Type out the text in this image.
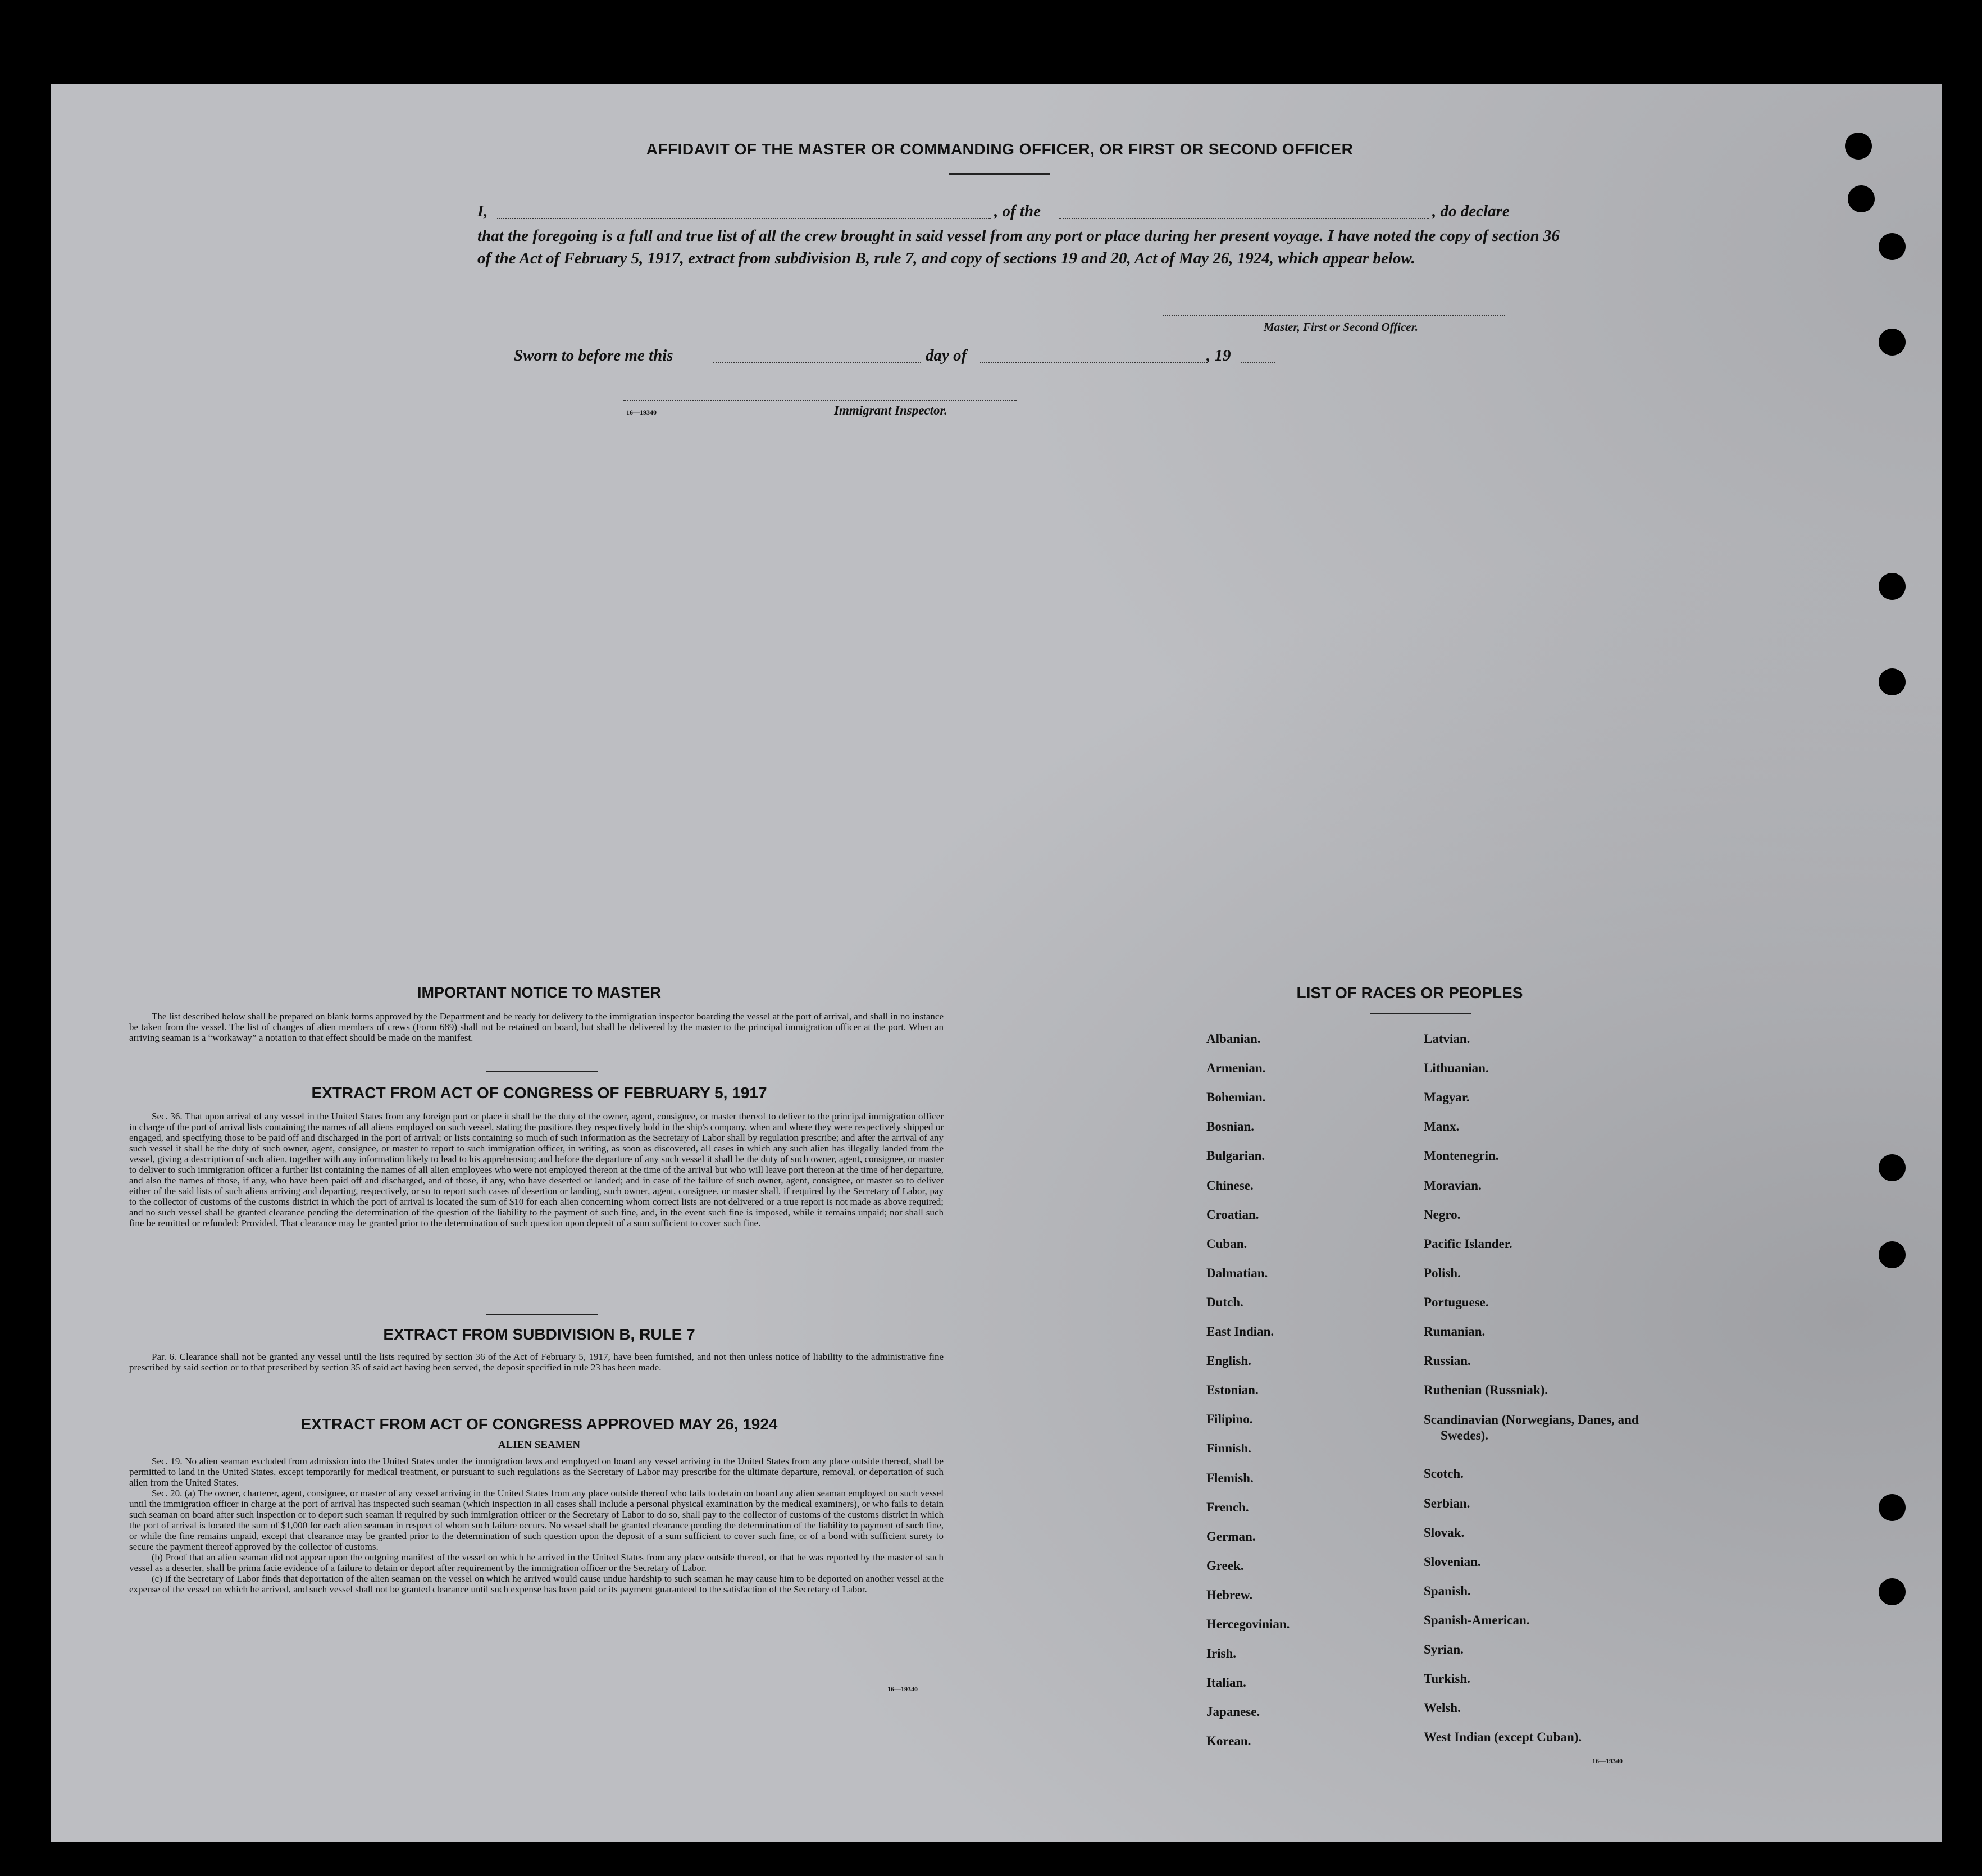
AFFIDAVIT OF THE MASTER OR COMMANDING OFFICER, OR FIRST OR SECOND OFFICER
I,	, of the	, do declare
that the foregoing is a full and true list of all the crew brought in said vessel from any port or place during her present voyage. I have noted the copy of section 36 of the Act of February 5, 1917, extract from subdivision B, rule 7, and copy of sections 19 and 20, Act of May 26, 1924, which appear below.
Master, First or Second Officer.
Sworn to before me this	day of	, 19
16—19340	Immigrant Inspector.
IMPORTANT NOTICE TO MASTER

The list described below shall be prepared on blank forms approved by the Department and be ready for delivery to the immigration inspector boarding the vessel at the port of arrival, and shall in no instance be taken from the vessel. The list of changes of alien members of crews (Form 689) shall not be retained on board, but shall be delivered by the master to the principal immigration officer at the port. When an arriving seaman is a “workaway” a notation to that effect should be made on the manifest.

EXTRACT FROM ACT OF CONGRESS OF FEBRUARY 5, 1917

Sec. 36. That upon arrival of any vessel in the United States from any foreign port or place it shall be the duty of the owner, agent, consignee, or master thereof to deliver to the principal immigration officer in charge of the port of arrival lists containing the names of all aliens employed on such vessel, stating the positions they respectively hold in the ship's company, when and where they were respectively shipped or engaged, and specifying those to be paid off and discharged in the port of arrival; or lists containing so much of such information as the Secretary of Labor shall by regulation prescribe; and after the arrival of any such vessel it shall be the duty of such owner, agent, consignee, or master to report to such immigration officer, in writing, as soon as discovered, all cases in which any such alien has illegally landed from the vessel, giving a description of such alien, together with any information likely to lead to his apprehension; and before the departure of any such vessel it shall be the duty of such owner, agent, consignee, or master to deliver to such immigration officer a further list containing the names of all alien employees who were not employed thereon at the time of the arrival but who will leave port thereon at the time of her departure, and also the names of those, if any, who have been paid off and discharged, and of those, if any, who have deserted or landed; and in case of the failure of such owner, agent, consignee, or master so to deliver either of the said lists of such aliens arriving and departing, respectively, or so to report such cases of desertion or landing, such owner, agent, consignee, or master shall, if required by the Secretary of Labor, pay to the collector of customs of the customs district in which the port of arrival is located the sum of $10 for each alien concerning whom correct lists are not delivered or a true report is not made as above required; and no such vessel shall be granted clearance pending the determination of the question of the liability to the payment of such fine, and, in the event such fine is imposed, while it remains unpaid; nor shall such fine be remitted or refunded: Provided, That clearance may be granted prior to the determination of such question upon deposit of a sum sufficient to cover such fine.

EXTRACT FROM SUBDIVISION B, RULE 7

Par. 6. Clearance shall not be granted any vessel until the lists required by section 36 of the Act of February 5, 1917, have been furnished, and not then unless notice of liability to the administrative fine prescribed by said section or to that prescribed by section 35 of said act having been served, the deposit specified in rule 23 has been made.

EXTRACT FROM ACT OF CONGRESS APPROVED MAY 26, 1924
ALIEN SEAMEN

Sec. 19. No alien seaman excluded from admission into the United States under the immigration laws and employed on board any vessel arriving in the United States from any place outside thereof, shall be permitted to land in the United States, except temporarily for medical treatment, or pursuant to such regulations as the Secretary of Labor may prescribe for the ultimate departure, removal, or deportation of such alien from the United States.

Sec. 20. (a) The owner, charterer, agent, consignee, or master of any vessel arriving in the United States from any place outside thereof who fails to detain on board any alien seaman employed on such vessel until the immigration officer in charge at the port of arrival has inspected such seaman (which inspection in all cases shall include a personal physical examination by the medical examiners), or who fails to detain such seaman on board after such inspection or to deport such seaman if required by such immigration officer or the Secretary of Labor to do so, shall pay to the collector of customs of the customs district in which the port of arrival is located the sum of $1,000 for each alien seaman in respect of whom such failure occurs. No vessel shall be granted clearance pending the determination of the liability to payment of such fine, or while the fine remains unpaid, except that clearance may be granted prior to the determination of such question upon the deposit of a sum sufficient to cover such fine, or of a bond with sufficient surety to secure the payment thereof approved by the collector of customs.

(b) Proof that an alien seaman did not appear upon the outgoing manifest of the vessel on which he arrived in the United States from any place outside thereof, or that he was reported by the master of such vessel as a deserter, shall be prima facie evidence of a failure to detain or deport after requirement by the immigration officer or the Secretary of Labor.

(c) If the Secretary of Labor finds that deportation of the alien seaman on the vessel on which he arrived would cause undue hardship to such seaman he may cause him to be deported on another vessel at the expense of the vessel on which he arrived, and such vessel shall not be granted clearance until such expense has been paid or its payment guaranteed to the satisfaction of the Secretary of Labor.

16—19340
LIST OF RACES OR PEOPLES
Albanian.
Armenian.
Bohemian.
Bosnian.
Bulgarian.
Chinese.
Croatian.
Cuban.
Dalmatian.
Dutch.
East Indian.
English.
Estonian.
Filipino.
Finnish.
Flemish.
French.
German.
Greek.
Hebrew.
Hercegovinian.
Irish.
Italian.
Japanese.
Korean.
Latvian.
Lithuanian.
Magyar.
Manx.
Montenegrin.
Moravian.
Negro.
Pacific Islander.
Polish.
Portuguese.
Rumanian.
Russian.
Ruthenian (Russniak).
Scandinavian (Norwegians, Danes, and Swedes).
Scotch.
Serbian.
Slovak.
Slovenian.
Spanish.
Spanish-American.
Syrian.
Turkish.
Welsh.
West Indian (except Cuban).
16—19340
